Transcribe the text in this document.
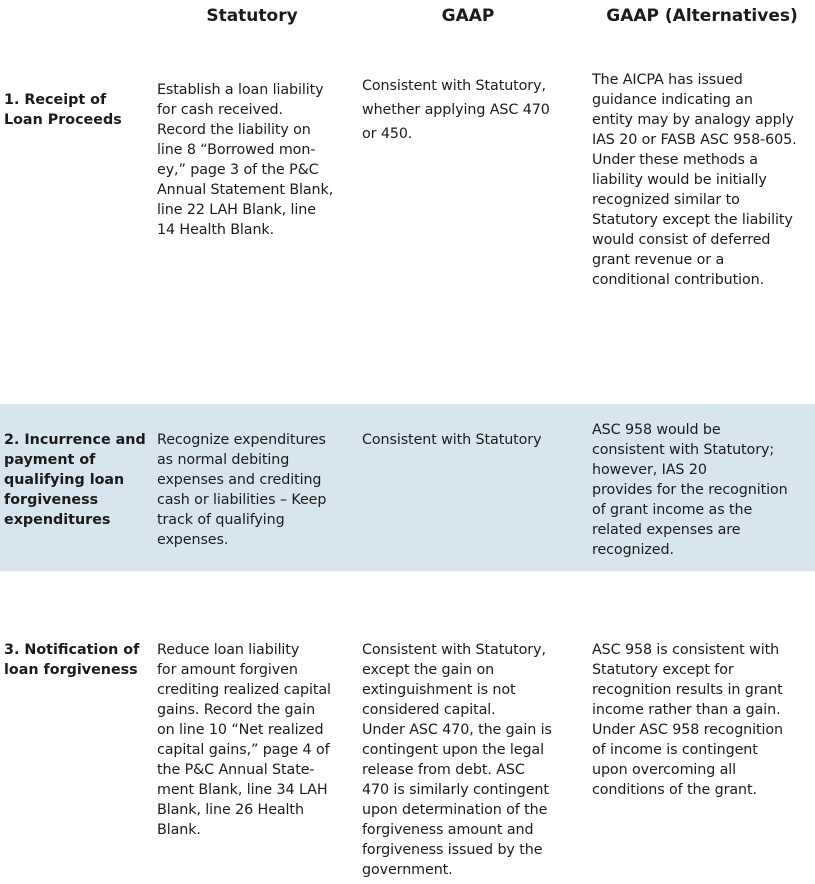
Statutory	GAAP	GAAP (Alternatives)
1. Receipt of
Loan Proceeds
Establish a loan liability
for cash received.
Record the liability on
line 8 “Borrowed mon-
ey,” page 3 of the P&C
Annual Statement Blank,
line 22 LAH Blank, line
14 Health Blank.
Consistent with Statutory,
whether applying ASC 470
or 450.
The AICPA has issued
guidance indicating an
entity may by analogy apply
IAS 20 or FASB ASC 958-605.
Under these methods a
liability would be initially
recognized similar to
Statutory except the liability
would consist of deferred
grant revenue or a
conditional contribution.
2. Incurrence and
payment of
qualifying loan
forgiveness
expenditures
Recognize expenditures
as normal debiting
expenses and crediting
cash or liabilities – Keep
track of qualifying
expenses.
Consistent with Statutory
ASC 958 would be
consistent with Statutory;
however, IAS 20
provides for the recognition
of grant income as the
related expenses are
recognized.
3. Notification of
loan forgiveness
Reduce loan liability
for amount forgiven
crediting realized capital
gains. Record the gain
on line 10 “Net realized
capital gains,” page 4 of
the P&C Annual State-
ment Blank, line 34 LAH
Blank, line 26 Health
Blank.
Consistent with Statutory,
except the gain on
extinguishment is not
considered capital.
Under ASC 470, the gain is
contingent upon the legal
release from debt. ASC
470 is similarly contingent
upon determination of the
forgiveness amount and
forgiveness issued by the
government.
ASC 958 is consistent with
Statutory except for
recognition results in grant
income rather than a gain.
Under ASC 958 recognition
of income is contingent
upon overcoming all
conditions of the grant.
